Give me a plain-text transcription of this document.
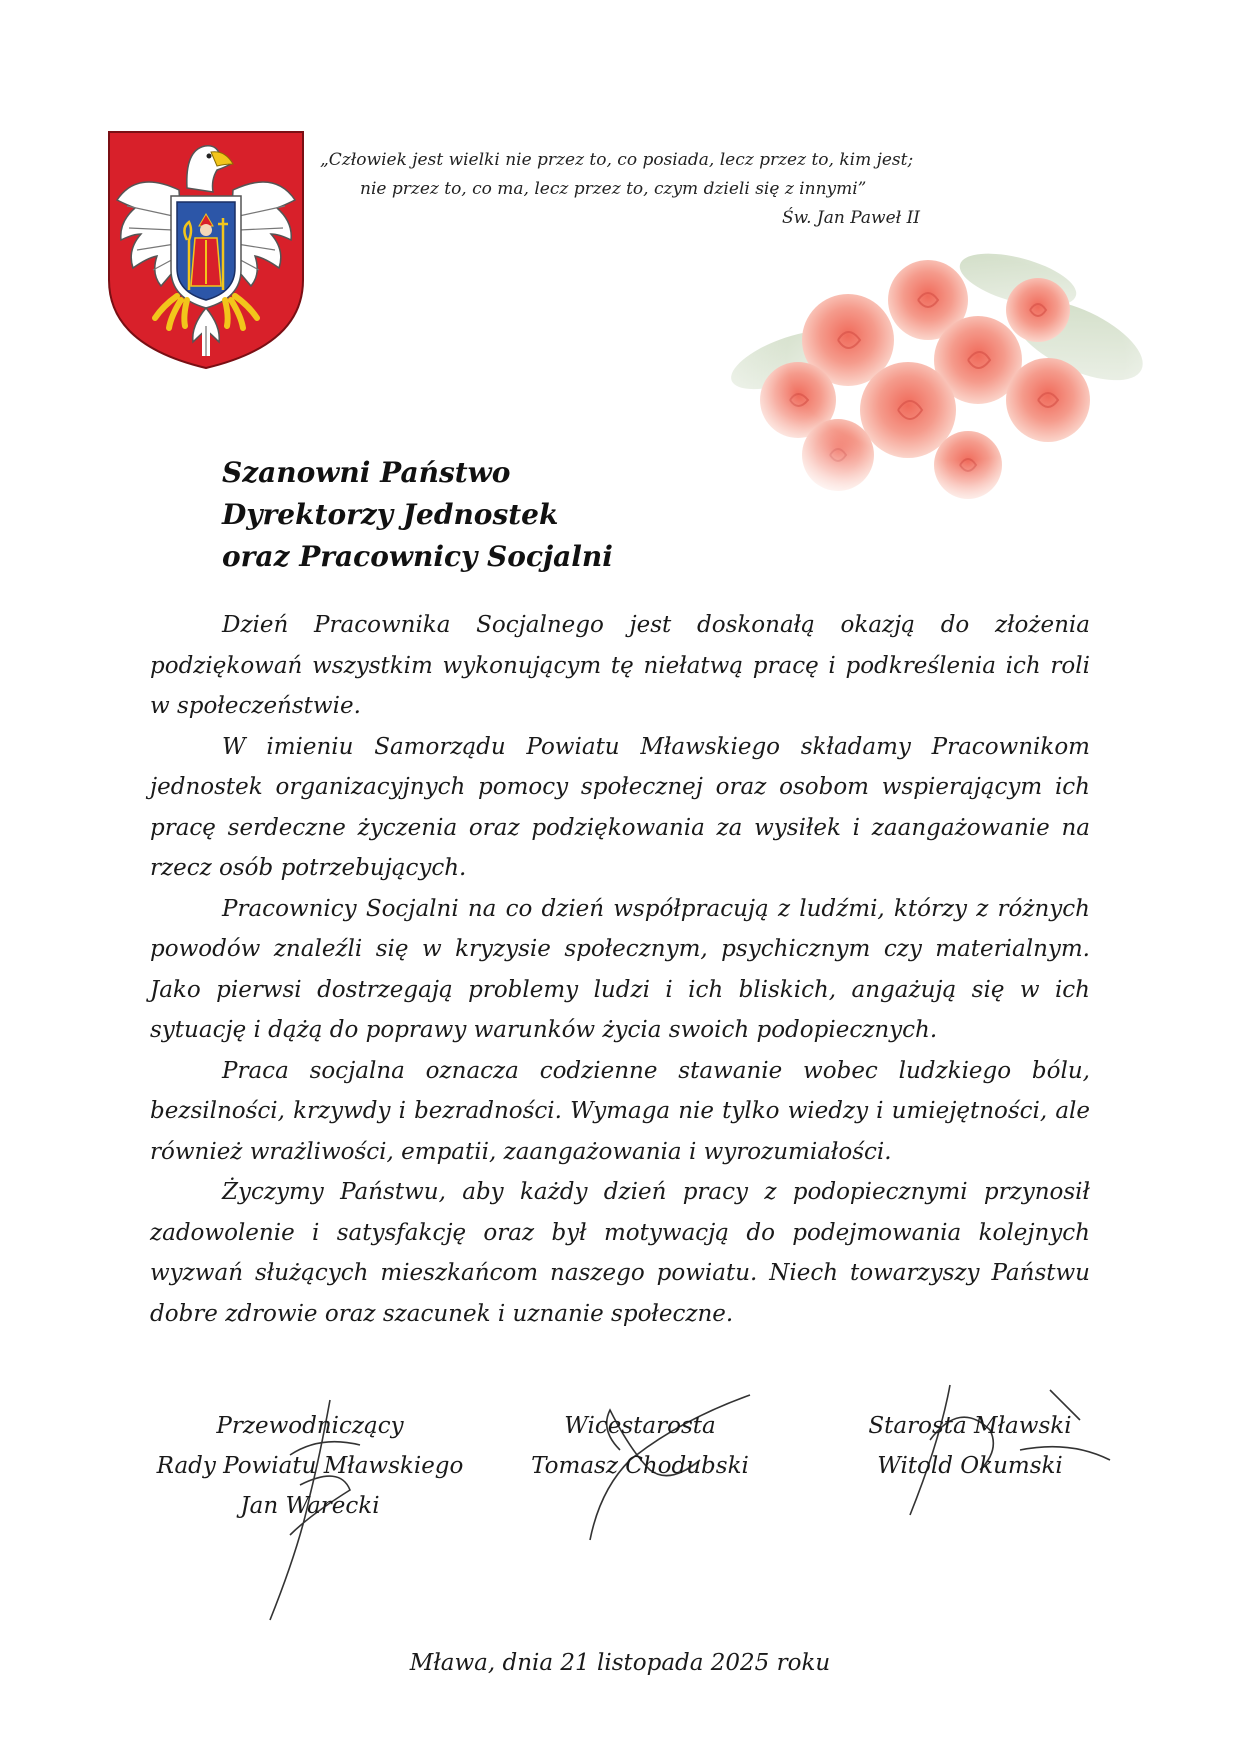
„Człowiek jest wielki nie przez to, co posiada, lecz przez to, kim jest;
nie przez to, co ma, lecz przez to, czym dzieli się z innymi”
Św. Jan Paweł II
Szanowni Państwo
Dyrektorzy Jednostek
oraz Pracownicy Socjalni

Dzień Pracownika Socjalnego jest doskonałą okazją do złożenia podziękowań wszystkim wykonującym tę niełatwą pracę i podkreślenia ich roli w społeczeństwie.

W imieniu Samorządu Powiatu Mławskiego składamy Pracownikom jednostek organizacyjnych pomocy społecznej oraz osobom wspierającym ich pracę serdeczne życzenia oraz podziękowania za wysiłek i zaangażowanie na rzecz osób potrzebujących.

Pracownicy Socjalni na co dzień współpracują z ludźmi, którzy z różnych powodów znaleźli się w kryzysie społecznym, psychicznym czy materialnym. Jako pierwsi dostrzegają problemy ludzi i ich bliskich, angażują się w ich sytuację i dążą do poprawy warunków życia swoich podopiecznych.

Praca socjalna oznacza codzienne stawanie wobec ludzkiego bólu, bezsilności, krzywdy i bezradności. Wymaga nie tylko wiedzy i umiejętności, ale również wrażliwości, empatii, zaangażowania i wyrozumiałości.

Życzymy Państwu, aby każdy dzień pracy z podopiecznymi przynosił zadowolenie i satysfakcję oraz był motywacją do podejmowania kolejnych wyzwań służących mieszkańcom naszego powiatu. Niech towarzyszy Państwu dobre zdrowie oraz szacunek i uznanie społeczne.

Przewodniczący
Rady Powiatu Mławskiego
Jan Warecki
Wicestarosta
Tomasz Chodubski
Starosta Mławski
Witold Okumski
Mława, dnia 21 listopada 2025 roku
